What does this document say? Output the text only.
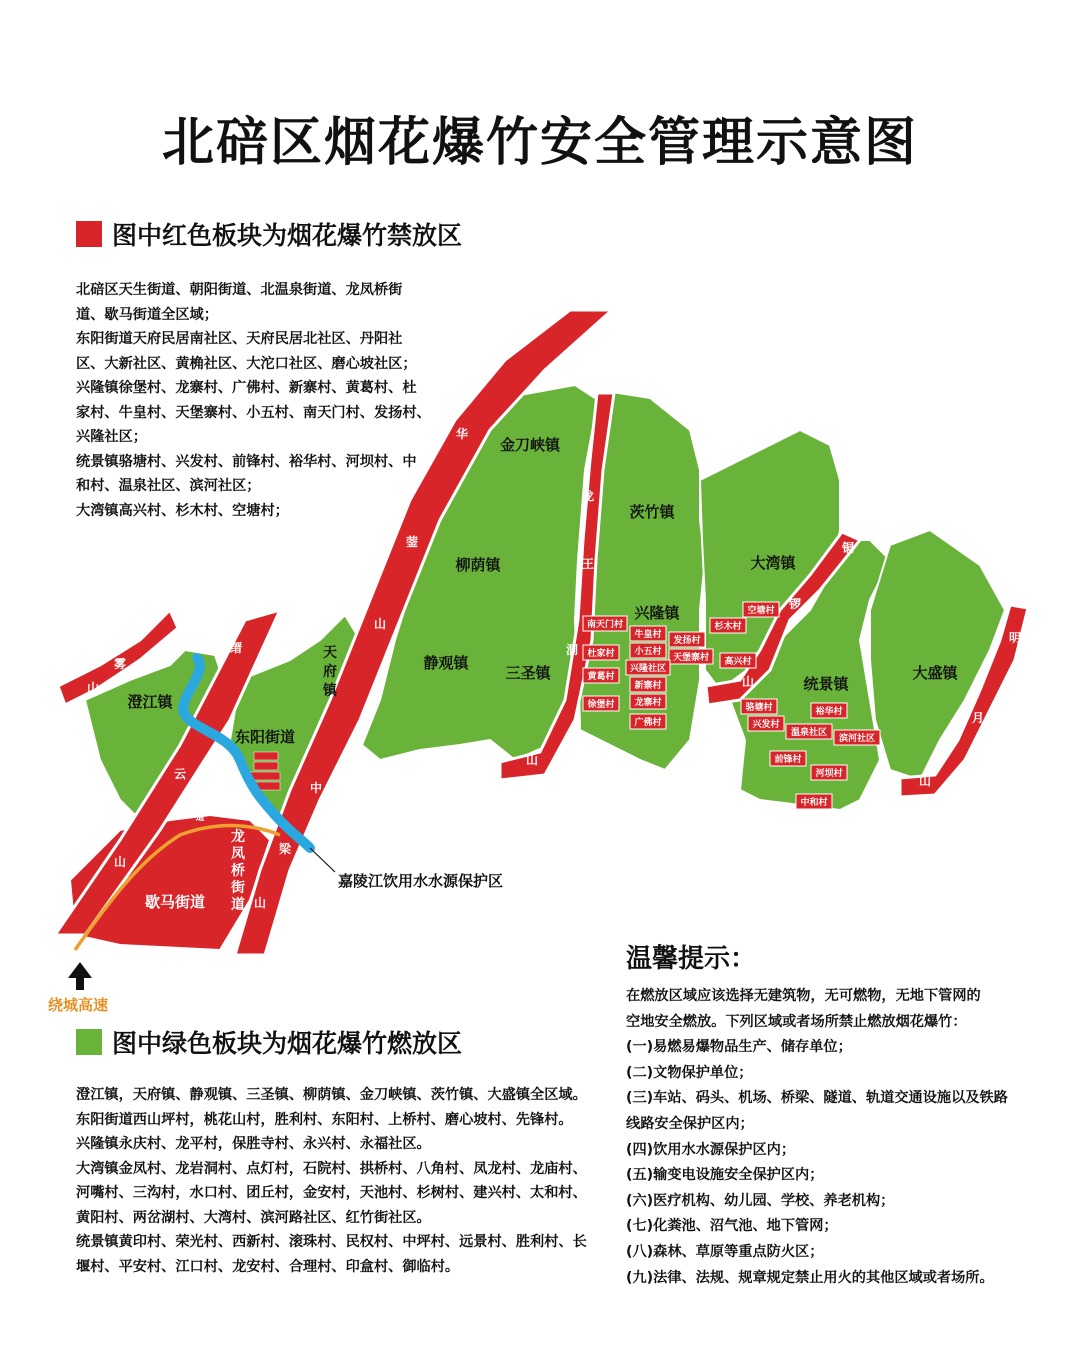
北碚区烟花爆竹安全管理示意图
图中红色板块为烟花爆竹禁放区
北碚区天生街道、朝阳街道、北温泉街道、龙凤桥街
道、歇马街道全区域；
东阳街道天府民居南社区、天府民居北社区、丹阳社
区、大新社区、黄桷社区、大沱口社区、磨心坡社区；
兴隆镇徐堡村、龙寨村、广佛村、新寨村、黄葛村、杜
家村、牛皇村、天堡寨村、小五村、南天门村、发扬村、
兴隆社区；
统景镇骆塘村、兴发村、前锋村、裕华村、河坝村、中
和村、温泉社区、滨河社区；
大湾镇高兴村、杉木村、空塘村；
图中绿色板块为烟花爆竹燃放区
澄江镇，天府镇、静观镇、三圣镇、柳荫镇、金刀峡镇、茨竹镇、大盛镇全区域。
东阳街道西山坪村，桃花山村，胜利村、东阳村、上桥村、磨心坡村、先锋村。
兴隆镇永庆村、龙平村，保胜寺村、永兴村、永福社区。
大湾镇金凤村、龙岩洞村、点灯村，石院村、拱桥村、八角村、凤龙村、龙庙村、
河嘴村、三沟村，水口村、团丘村，金安村，天池村、杉树村、建兴村、太和村、
黄阳村、两岔湖村、大湾村、滨河路社区、红竹街社区。
统景镇黄印村、荣光村、西新村、滚珠村、民权村、中坪村、远景村、胜利村、长
堰村、平安村、江口村、龙安村、合理村、印盒村、御临村。
温馨提示：
在燃放区域应该选择无建筑物，无可燃物，无地下管网的
空地安全燃放。下列区域或者场所禁止燃放烟花爆竹：
(一)易燃易爆物品生产、储存单位；
(二)文物保护单位；
(三)车站、码头、机场、桥梁、隧道、轨道交通设施以及铁路
线路安全保护区内；
(四)饮用水水源保护区内；
(五)输变电设施安全保护区内；
(六)医疗机构、幼儿园、学校、养老机构；
(七)化粪池、沼气池、地下管网；
(八)森林、草原等重点防火区；
(九)法律、法规、规章规定禁止用火的其他区域或者场所。
金刀峡镇
茨竹镇
大湾镇
柳荫镇
静观镇
三圣镇
兴隆镇
统景镇
大盛镇
澄江镇
东阳街道
歇马街道
天府镇
龙凤桥街道
北温泉街道
朝阳街道
天生街道
华
蓥
山
中
梁
山
龙
王
洞
山
铜
锣
山
明
月
山
云
雾
山
缙
云
山
南天门村
牛皇村
杜家村 小五村
发扬村
天堡寨村
黄葛村
兴隆社区
新寨村
徐堡村 龙寨村
广佛村
空塘村
杉木村
高兴村
骆塘村	裕华村
兴发村
温泉社区
滨河社区
前锋村
河坝村
中和村
嘉陵江饮用水水源保护区
绕城高速
